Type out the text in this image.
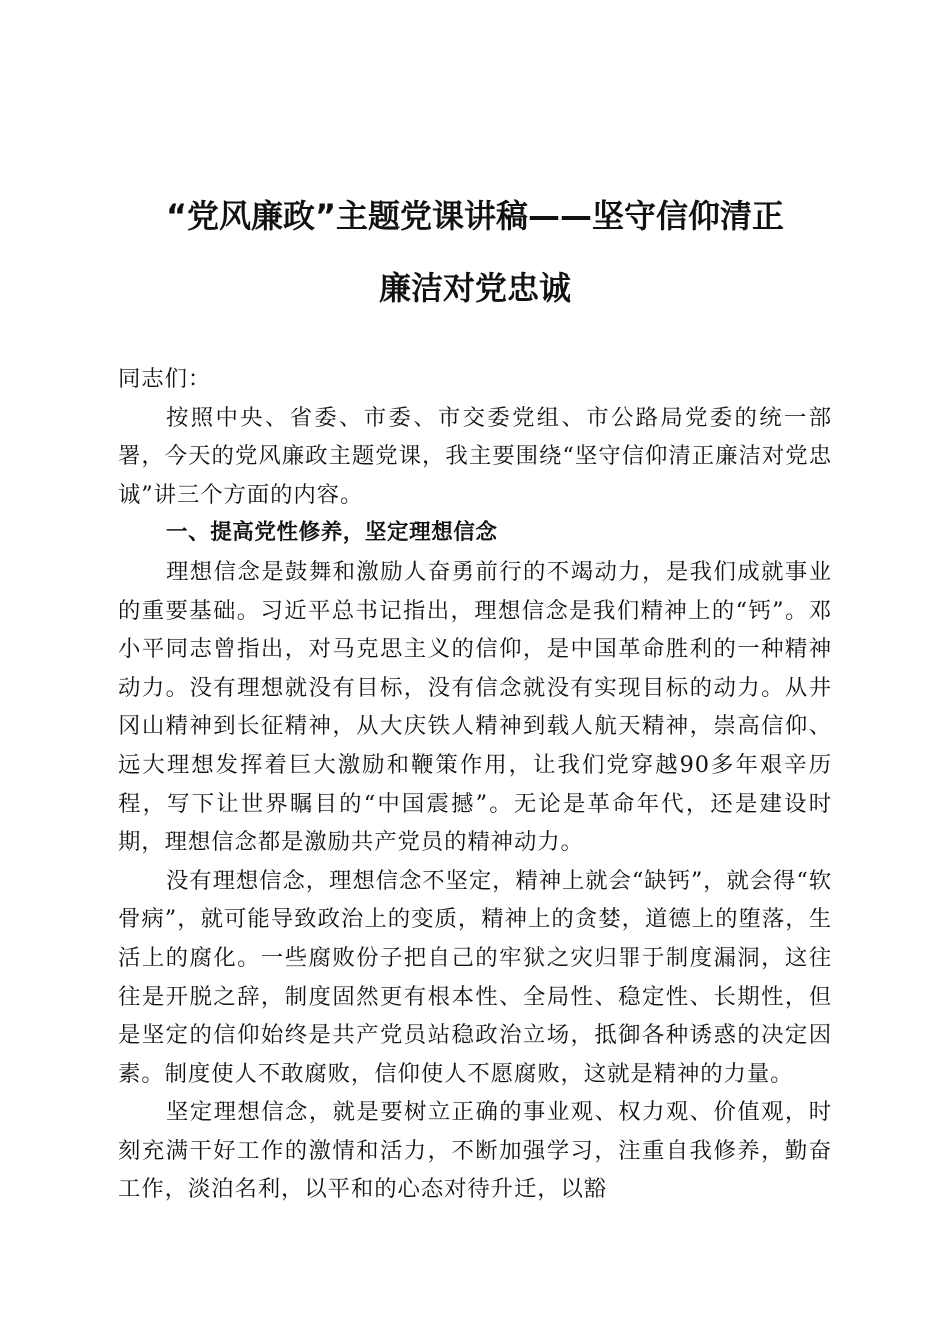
“党风廉政”主题党课讲稿——坚守信仰清正
廉洁对党忠诚

同志们：

按照中央、省委、市委、市交委党组、市公路局党委的统一部署，今天的党风廉政主题党课，我主要围绕“坚守信仰清正廉洁对党忠诚”讲三个方面的内容。

一、提高党性修养，坚定理想信念

理想信念是鼓舞和激励人奋勇前行的不竭动力，是我们成就事业的重要基础。习近平总书记指出，理想信念是我们精神上的“钙”。邓小平同志曾指出，对马克思主义的信仰，是中国革命胜利的一种精神动力。没有理想就没有目标，没有信念就没有实现目标的动力。从井冈山精神到长征精神，从大庆铁人精神到载人航天精神，崇高信仰、远大理想发挥着巨大激励和鞭策作用，让我们党穿越90多年艰辛历程，写下让世界瞩目的“中国震撼”。无论是革命年代，还是建设时期，理想信念都是激励共产党员的精神动力。

没有理想信念，理想信念不坚定，精神上就会“缺钙”，就会得“软骨病”，就可能导致政治上的变质，精神上的贪婪，道德上的堕落，生活上的腐化。一些腐败份子把自己的牢狱之灾归罪于制度漏洞，这往往是开脱之辞，制度固然更有根本性、全局性、稳定性、长期性，但是坚定的信仰始终是共产党员站稳政治立场，抵御各种诱惑的决定因素。制度使人不敢腐败，信仰使人不愿腐败，这就是精神的力量。

坚定理想信念，就是要树立正确的事业观、权力观、价值观，时刻充满干好工作的激情和活力，不断加强学习，注重自我修养，勤奋工作，淡泊名利，以平和的心态对待升迁，以豁
